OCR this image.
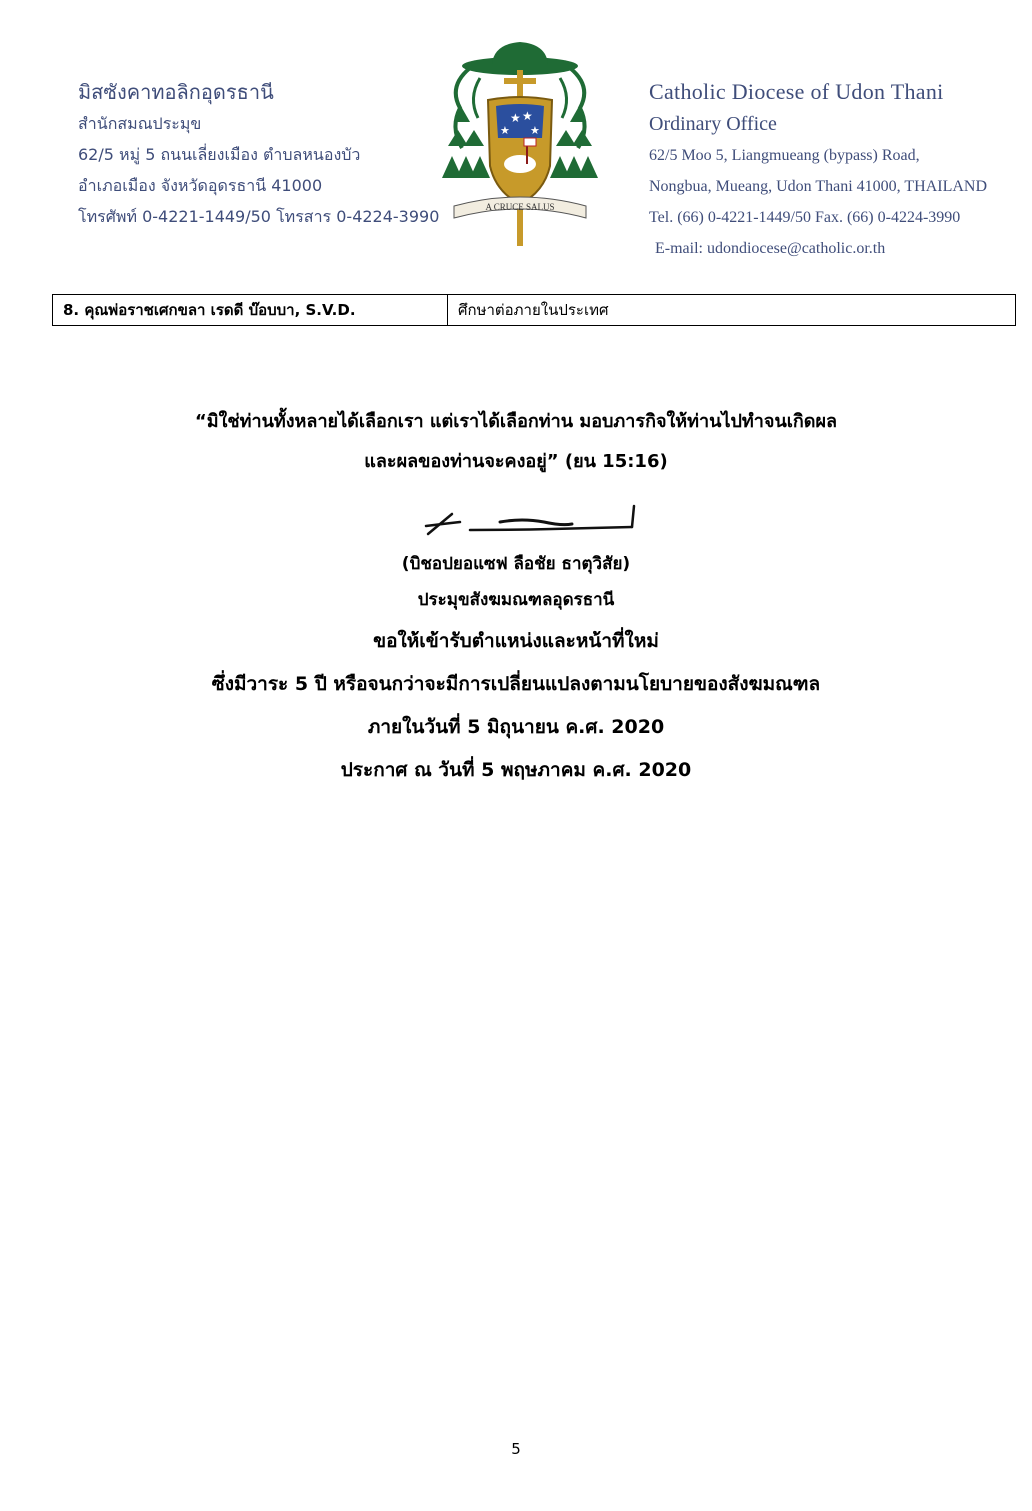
มิสซังคาทอลิกอุดรธานี
สำนักสมณประมุข
62/5 หมู่ 5 ถนนเลี่ยงเมือง ตำบลหนองบัว
อำเภอเมือง จังหวัดอุดรธานี 41000
โทรศัพท์ 0-4221-1449/50 โทรสาร 0-4224-3990
★ ★
★ ★
A CRUCE SALUS
Catholic Diocese of Udon Thani
Ordinary Office
62/5 Moo 5, Liangmueang (bypass) Road,
Nongbua, Mueang, Udon Thani 41000, THAILAND
Tel. (66) 0-4221-1449/50 Fax. (66) 0-4224-3990
E-mail: udondiocese@catholic.or.th
8. คุณพ่อราชเศกขลา เรดดี บ๊อบบา, S.V.D.	ศึกษาต่อภายในประเทศ
“มิใช่ท่านทั้งหลายได้เลือกเรา แต่เราได้เลือกท่าน มอบภารกิจให้ท่านไปทำจนเกิดผล
และผลของท่านจะคงอยู่” (ยน 15:16)
(บิชอปยอแซฟ ลือชัย ธาตุวิสัย)
ประมุขสังฆมณฑลอุดรธานี
ขอให้เข้ารับตำแหน่งและหน้าที่ใหม่
ซึ่งมีวาระ 5 ปี หรือจนกว่าจะมีการเปลี่ยนแปลงตามนโยบายของสังฆมณฑล
ภายในวันที่ 5 มิถุนายน ค.ศ. 2020
ประกาศ ณ วันที่ 5 พฤษภาคม ค.ศ. 2020
5
